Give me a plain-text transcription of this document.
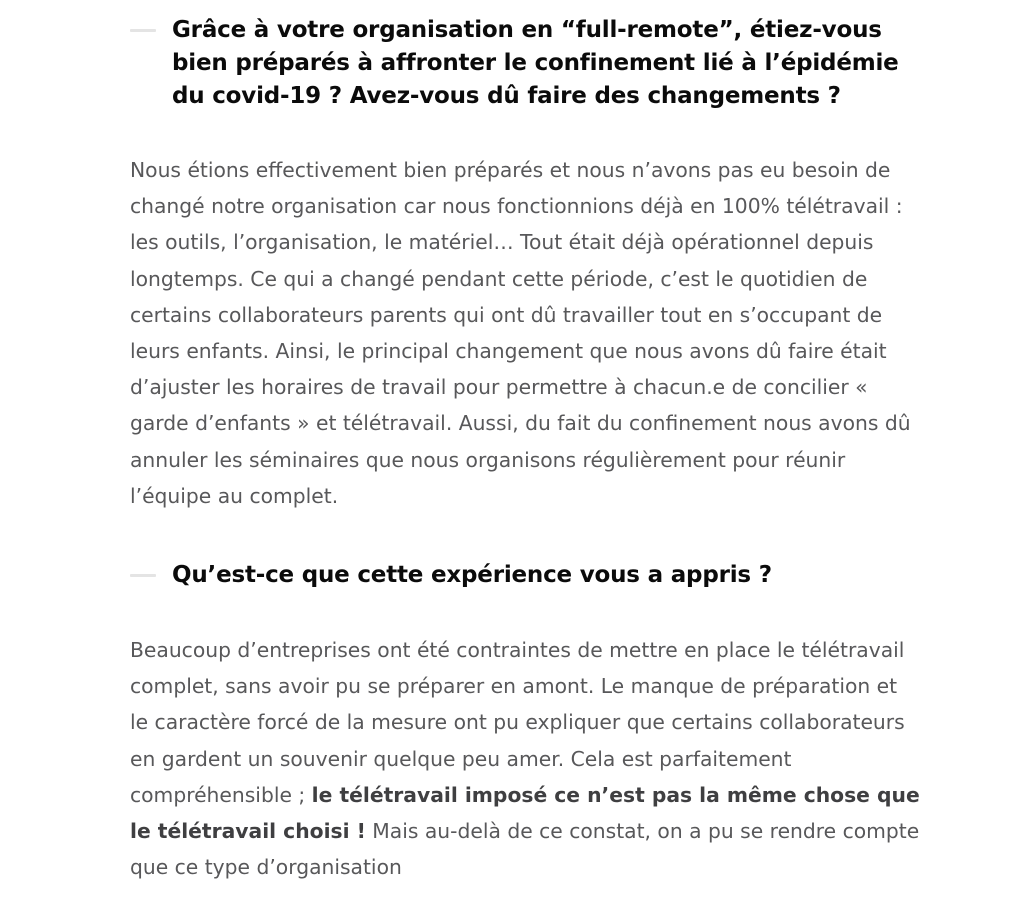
Grâce à votre organisation en “full-remote”, étiez-vous bien préparés à affronter le confinement lié à l’épidémie du covid-19 ? Avez-vous dû faire des changements ?

Nous étions effectivement bien préparés et nous n’avons pas eu besoin de changé notre organisation car nous fonctionnions déjà en 100% télétravail : les outils, l’organisation, le matériel… Tout était déjà opérationnel depuis longtemps. Ce qui a changé pendant cette période, c’est le quotidien de certains collaborateurs parents qui ont dû travailler tout en s’occupant de leurs enfants. Ainsi, le principal changement que nous avons dû faire était d’ajuster les horaires de travail pour permettre à chacun.e de concilier « garde d’enfants » et télétravail. Aussi, du fait du confinement nous avons dû annuler les séminaires que nous organisons régulièrement pour réunir l’équipe au complet.

Qu’est-ce que cette expérience vous a appris ?

Beaucoup d’entreprises ont été contraintes de mettre en place le télétravail complet, sans avoir pu se préparer en amont. Le manque de préparation et le caractère forcé de la mesure ont pu expliquer que certains collaborateurs en gardent un souvenir quelque peu amer. Cela est parfaitement compréhensible ; le télétravail imposé ce n’est pas la même chose que le télétravail choisi ! Mais au-delà de ce constat, on a pu se rendre compte que ce type d’organisation
